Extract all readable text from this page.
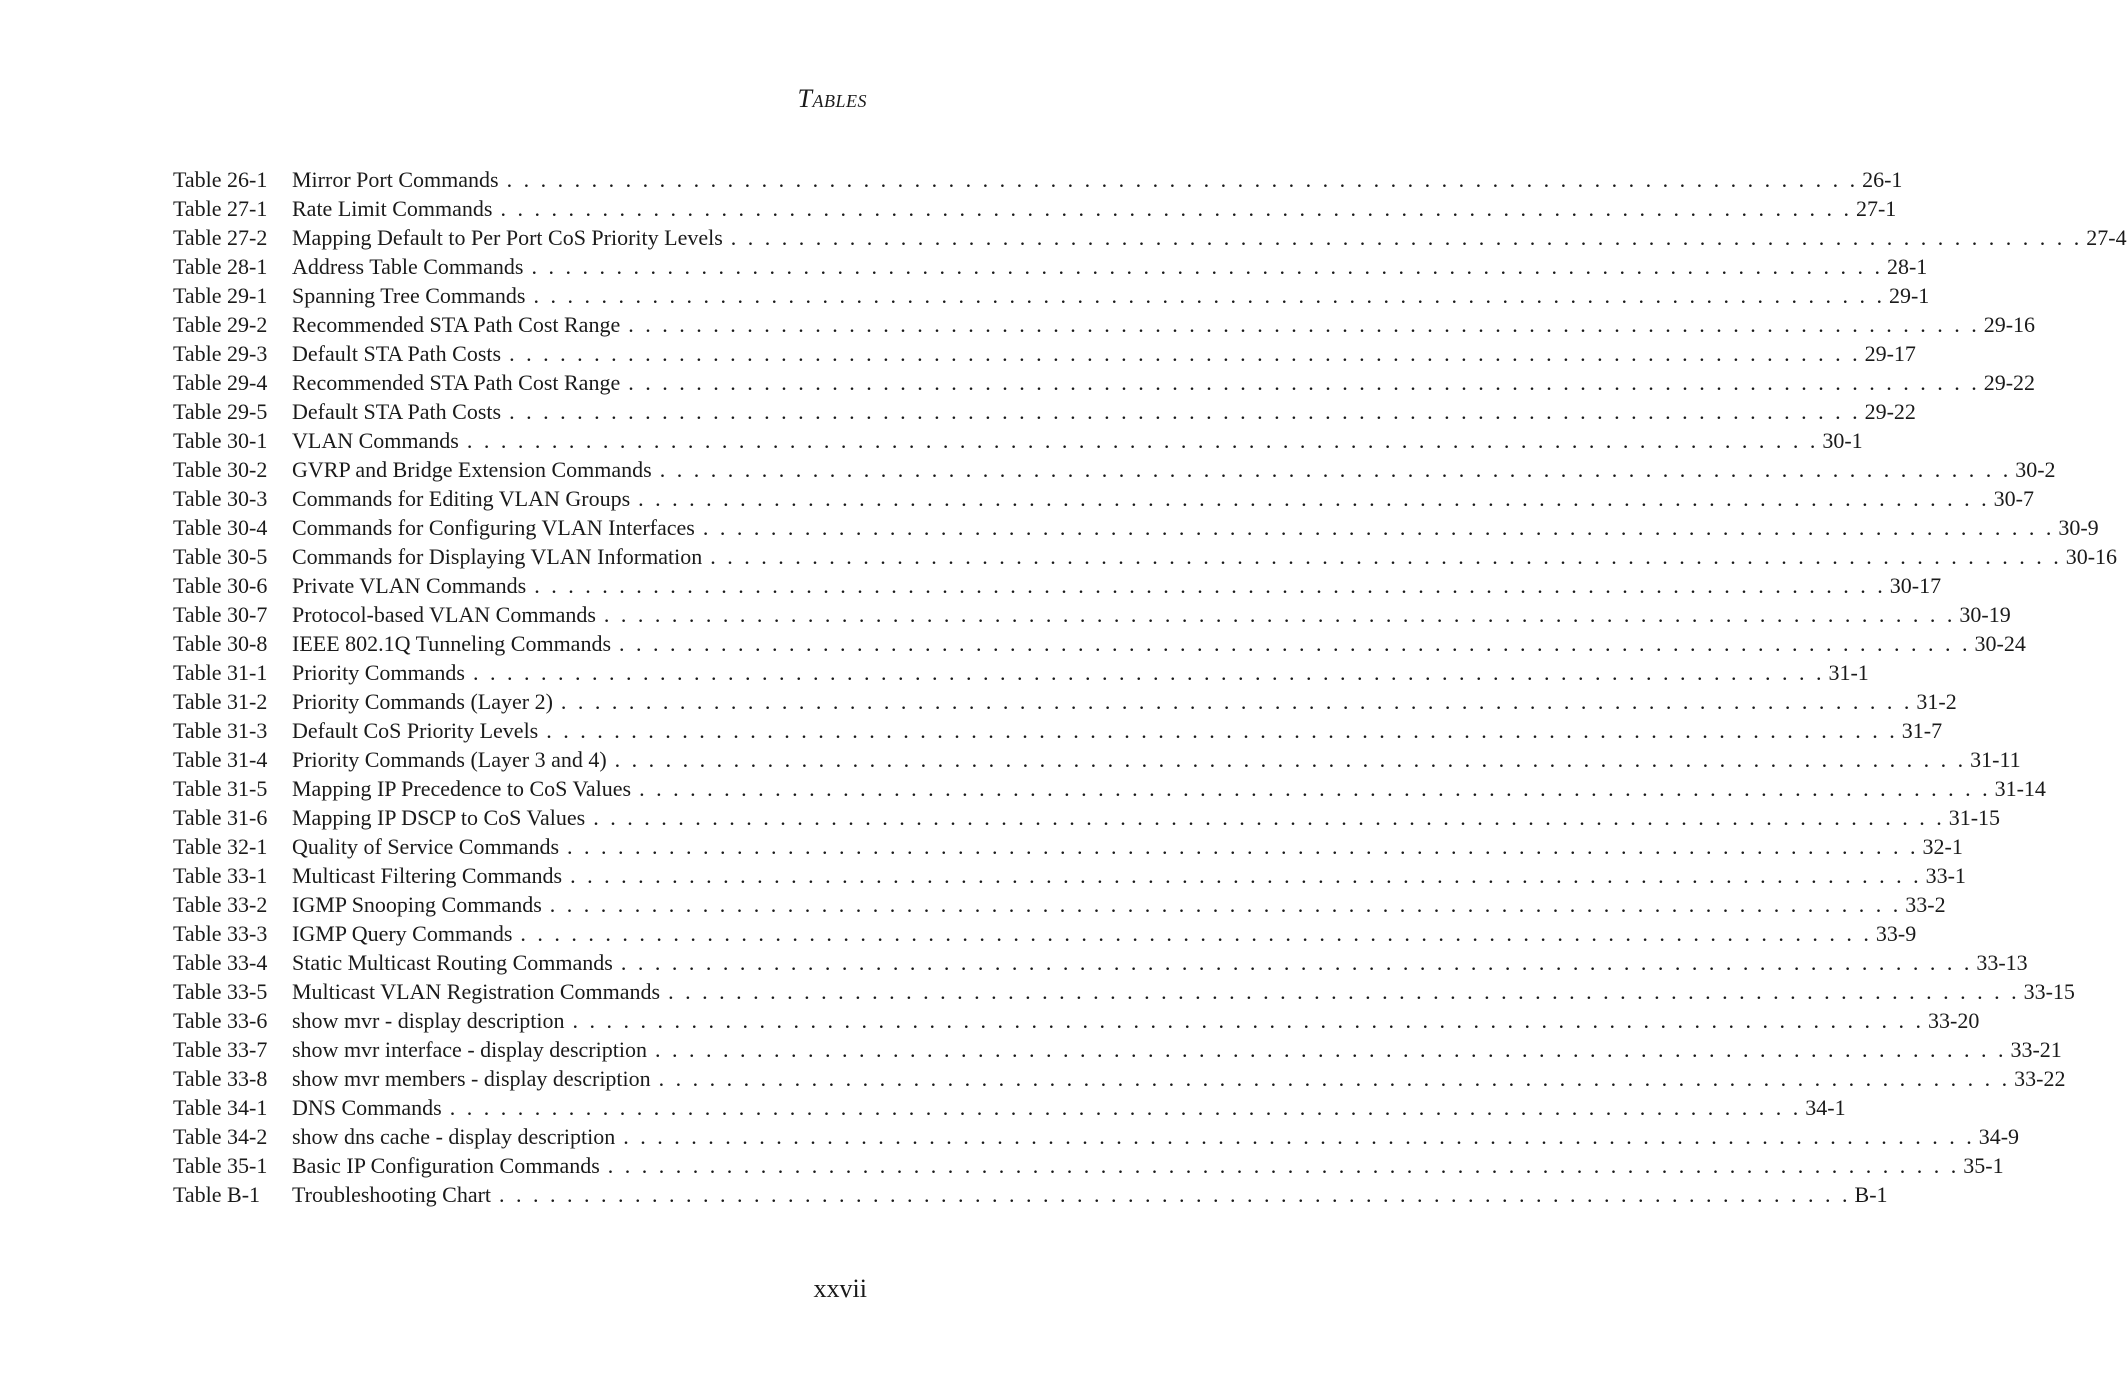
TABLES
Table 26-1	Mirror Port Commands . . . . . . . . . . . . . . . . . . . . . . . . . . . . . . . . . . . . . . . . . . . . . . . . . . . . . . . . . . . . . . . . . . . . . . . . . . . . . . . . 26-1
Table 27-1	Rate Limit Commands . . . . . . . . . . . . . . . . . . . . . . . . . . . . . . . . . . . . . . . . . . . . . . . . . . . . . . . . . . . . . . . . . . . . . . . . . . . . . . . . 27-1
Table 27-2	Mapping Default to Per Port CoS Priority Levels . . . . . . . . . . . . . . . . . . . . . . . . . . . . . . . . . . . . . . . . . . . . . . . . . . . . . . . . . . . . . . . . . . . . . . . . . . . . . . . . 27-4
Table 28-1	Address Table Commands . . . . . . . . . . . . . . . . . . . . . . . . . . . . . . . . . . . . . . . . . . . . . . . . . . . . . . . . . . . . . . . . . . . . . . . . . . . . . . . . 28-1
Table 29-1	Spanning Tree Commands . . . . . . . . . . . . . . . . . . . . . . . . . . . . . . . . . . . . . . . . . . . . . . . . . . . . . . . . . . . . . . . . . . . . . . . . . . . . . . . . 29-1
Table 29-2	Recommended STA Path Cost Range . . . . . . . . . . . . . . . . . . . . . . . . . . . . . . . . . . . . . . . . . . . . . . . . . . . . . . . . . . . . . . . . . . . . . . . . . . . . . . . . 29-16
Table 29-3	Default STA Path Costs . . . . . . . . . . . . . . . . . . . . . . . . . . . . . . . . . . . . . . . . . . . . . . . . . . . . . . . . . . . . . . . . . . . . . . . . . . . . . . . . 29-17
Table 29-4	Recommended STA Path Cost Range . . . . . . . . . . . . . . . . . . . . . . . . . . . . . . . . . . . . . . . . . . . . . . . . . . . . . . . . . . . . . . . . . . . . . . . . . . . . . . . . 29-22
Table 29-5	Default STA Path Costs . . . . . . . . . . . . . . . . . . . . . . . . . . . . . . . . . . . . . . . . . . . . . . . . . . . . . . . . . . . . . . . . . . . . . . . . . . . . . . . . 29-22
Table 30-1	VLAN Commands . . . . . . . . . . . . . . . . . . . . . . . . . . . . . . . . . . . . . . . . . . . . . . . . . . . . . . . . . . . . . . . . . . . . . . . . . . . . . . . . 30-1
Table 30-2	GVRP and Bridge Extension Commands . . . . . . . . . . . . . . . . . . . . . . . . . . . . . . . . . . . . . . . . . . . . . . . . . . . . . . . . . . . . . . . . . . . . . . . . . . . . . . . . 30-2
Table 30-3	Commands for Editing VLAN Groups . . . . . . . . . . . . . . . . . . . . . . . . . . . . . . . . . . . . . . . . . . . . . . . . . . . . . . . . . . . . . . . . . . . . . . . . . . . . . . . . 30-7
Table 30-4	Commands for Configuring VLAN Interfaces . . . . . . . . . . . . . . . . . . . . . . . . . . . . . . . . . . . . . . . . . . . . . . . . . . . . . . . . . . . . . . . . . . . . . . . . . . . . . . . . 30-9
Table 30-5	Commands for Displaying VLAN Information . . . . . . . . . . . . . . . . . . . . . . . . . . . . . . . . . . . . . . . . . . . . . . . . . . . . . . . . . . . . . . . . . . . . . . . . . . . . . . . . 30-16
Table 30-6	Private VLAN Commands . . . . . . . . . . . . . . . . . . . . . . . . . . . . . . . . . . . . . . . . . . . . . . . . . . . . . . . . . . . . . . . . . . . . . . . . . . . . . . . . 30-17
Table 30-7	Protocol-based VLAN Commands . . . . . . . . . . . . . . . . . . . . . . . . . . . . . . . . . . . . . . . . . . . . . . . . . . . . . . . . . . . . . . . . . . . . . . . . . . . . . . . . 30-19
Table 30-8	IEEE 802.1Q Tunneling Commands . . . . . . . . . . . . . . . . . . . . . . . . . . . . . . . . . . . . . . . . . . . . . . . . . . . . . . . . . . . . . . . . . . . . . . . . . . . . . . . . 30-24
Table 31-1	Priority Commands . . . . . . . . . . . . . . . . . . . . . . . . . . . . . . . . . . . . . . . . . . . . . . . . . . . . . . . . . . . . . . . . . . . . . . . . . . . . . . . . 31-1
Table 31-2	Priority Commands (Layer 2) . . . . . . . . . . . . . . . . . . . . . . . . . . . . . . . . . . . . . . . . . . . . . . . . . . . . . . . . . . . . . . . . . . . . . . . . . . . . . . . . 31-2
Table 31-3	Default CoS Priority Levels . . . . . . . . . . . . . . . . . . . . . . . . . . . . . . . . . . . . . . . . . . . . . . . . . . . . . . . . . . . . . . . . . . . . . . . . . . . . . . . . 31-7
Table 31-4	Priority Commands (Layer 3 and 4) . . . . . . . . . . . . . . . . . . . . . . . . . . . . . . . . . . . . . . . . . . . . . . . . . . . . . . . . . . . . . . . . . . . . . . . . . . . . . . . . 31-11
Table 31-5	Mapping IP Precedence to CoS Values . . . . . . . . . . . . . . . . . . . . . . . . . . . . . . . . . . . . . . . . . . . . . . . . . . . . . . . . . . . . . . . . . . . . . . . . . . . . . . . . 31-14
Table 31-6	Mapping IP DSCP to CoS Values . . . . . . . . . . . . . . . . . . . . . . . . . . . . . . . . . . . . . . . . . . . . . . . . . . . . . . . . . . . . . . . . . . . . . . . . . . . . . . . . 31-15
Table 32-1	Quality of Service Commands . . . . . . . . . . . . . . . . . . . . . . . . . . . . . . . . . . . . . . . . . . . . . . . . . . . . . . . . . . . . . . . . . . . . . . . . . . . . . . . . 32-1
Table 33-1	Multicast Filtering Commands . . . . . . . . . . . . . . . . . . . . . . . . . . . . . . . . . . . . . . . . . . . . . . . . . . . . . . . . . . . . . . . . . . . . . . . . . . . . . . . . 33-1
Table 33-2	IGMP Snooping Commands . . . . . . . . . . . . . . . . . . . . . . . . . . . . . . . . . . . . . . . . . . . . . . . . . . . . . . . . . . . . . . . . . . . . . . . . . . . . . . . . 33-2
Table 33-3	IGMP Query Commands . . . . . . . . . . . . . . . . . . . . . . . . . . . . . . . . . . . . . . . . . . . . . . . . . . . . . . . . . . . . . . . . . . . . . . . . . . . . . . . . 33-9
Table 33-4	Static Multicast Routing Commands . . . . . . . . . . . . . . . . . . . . . . . . . . . . . . . . . . . . . . . . . . . . . . . . . . . . . . . . . . . . . . . . . . . . . . . . . . . . . . . . 33-13
Table 33-5	Multicast VLAN Registration Commands . . . . . . . . . . . . . . . . . . . . . . . . . . . . . . . . . . . . . . . . . . . . . . . . . . . . . . . . . . . . . . . . . . . . . . . . . . . . . . . . 33-15
Table 33-6	show mvr - display description . . . . . . . . . . . . . . . . . . . . . . . . . . . . . . . . . . . . . . . . . . . . . . . . . . . . . . . . . . . . . . . . . . . . . . . . . . . . . . . . 33-20
Table 33-7	show mvr interface - display description . . . . . . . . . . . . . . . . . . . . . . . . . . . . . . . . . . . . . . . . . . . . . . . . . . . . . . . . . . . . . . . . . . . . . . . . . . . . . . . . 33-21
Table 33-8	show mvr members - display description . . . . . . . . . . . . . . . . . . . . . . . . . . . . . . . . . . . . . . . . . . . . . . . . . . . . . . . . . . . . . . . . . . . . . . . . . . . . . . . . 33-22
Table 34-1	DNS Commands . . . . . . . . . . . . . . . . . . . . . . . . . . . . . . . . . . . . . . . . . . . . . . . . . . . . . . . . . . . . . . . . . . . . . . . . . . . . . . . . 34-1
Table 34-2	show dns cache - display description . . . . . . . . . . . . . . . . . . . . . . . . . . . . . . . . . . . . . . . . . . . . . . . . . . . . . . . . . . . . . . . . . . . . . . . . . . . . . . . . 34-9
Table 35-1	Basic IP Configuration Commands . . . . . . . . . . . . . . . . . . . . . . . . . . . . . . . . . . . . . . . . . . . . . . . . . . . . . . . . . . . . . . . . . . . . . . . . . . . . . . . . 35-1
Table B-1	Troubleshooting Chart . . . . . . . . . . . . . . . . . . . . . . . . . . . . . . . . . . . . . . . . . . . . . . . . . . . . . . . . . . . . . . . . . . . . . . . . . . . . . . . . B-1
xxvii
